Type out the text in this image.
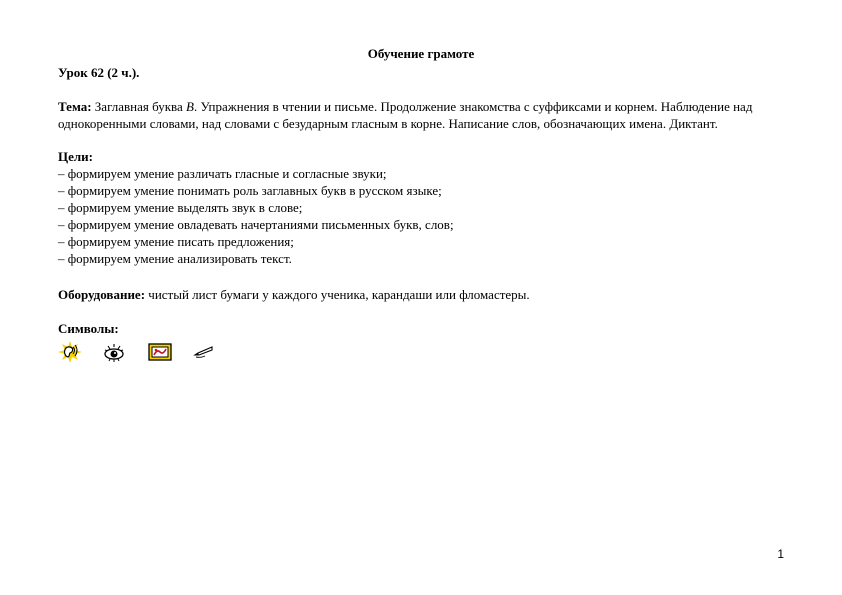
Обучение грамоте
Урок 62 (2 ч.).
Тема: Заглавная буква В. Упражнения в чтении и письме. Продолжение знакомства с суффиксами и корнем. Наблюдение над однокоренными словами, над словами с безударным гласным в корне. Написание слов, обозначающих имена. Диктант.
Цели:
– формируем умение различать гласные и согласные звуки;
– формируем умение понимать роль заглавных букв в русском языке;
– формируем умение выделять звук в слове;
– формируем умение овладевать начертаниями письменных букв, слов;
– формируем умение писать предложения;
– формируем умение анализировать текст.
Оборудование: чистый лист бумаги у каждого ученика, карандаши или фломастеры.
Символы:
1
